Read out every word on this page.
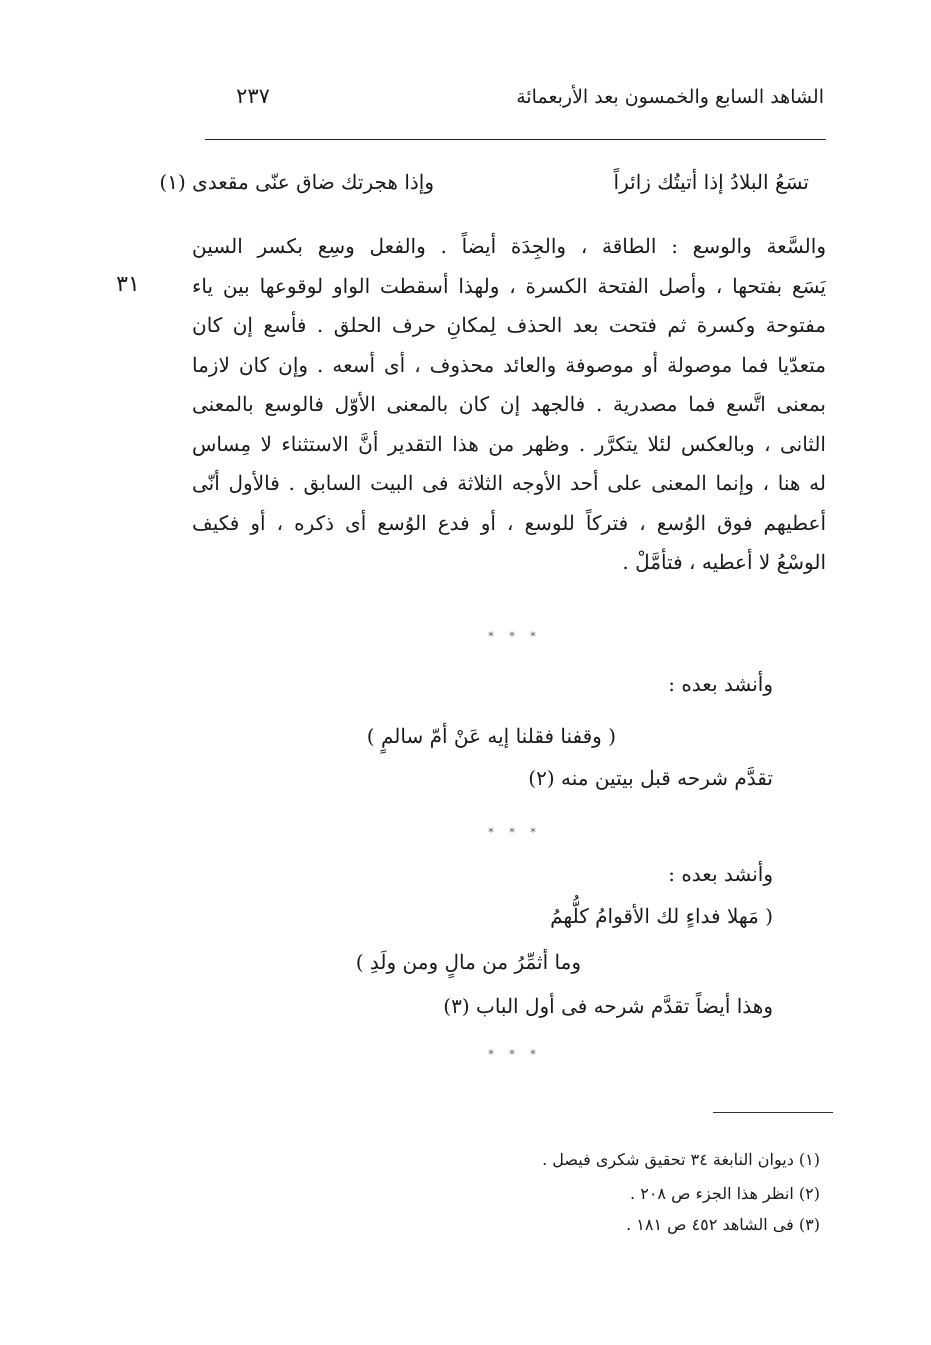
الشاهد السابع والخمسون بعد الأربعمائة
٢٣٧
٣١
تسَعُ البلادُ إذا أتيتُك زائراً
وإذا هجرتك ضاق عنّى مقعدى (١)
والسَّعة والوسع : الطاقة ، والجِدَة أيضاً . والفعل وسِع بكسر السين
يَسَع بفتحها ، وأصل الفتحة الكسرة ، ولهذا أسقطت الواو لوقوعها بين ياء
مفتوحة وكسرة ثم فتحت بعد الحذف لِمكانِ حرف الحلق . فأسع إن كان
متعدّيا فما موصولة أو موصوفة والعائد محذوف ، أى أسعه . وإن كان لازما
بمعنى اتَّسع فما مصدرية . فالجهد إن كان بالمعنى الأوّل فالوسع بالمعنى
الثانى ، وبالعكس لئلا يتكرَّر . وظهر من هذا التقدير أنَّ الاستثناء لا مِساس
له هنا ، وإنما المعنى على أحد الأوجه الثلاثة فى البيت السابق . فالأول أنّى
أعطيهم فوق الوُسع ، فتركاً للوسع ، أو فدع الوُسع أى ذكره ، أو فكيف
الوسْعُ لا أعطيه ، فتأمَّلْ .
* * *
وأنشد بعده :
( وقفنا فقلنا إيه عَنْ أمّ سالمٍ )
تقدَّم شرحه قبل بيتين منه (٢)
* * *
وأنشد بعده :
( مَهلا فداءٍ لك الأقوامُ كلُّهمُ
وما أثمِّرُ من مالٍ ومن ولَدِ )
وهذا أيضاً تقدَّم شرحه فى أول الباب (٣)
* * *
(١) ديوان النابغة ٣٤ تحقيق شكرى فيصل .
(٢) انظر هذا الجزء ص ٢٠٨ .
(٣) فى الشاهد ٤٥٢ ص ١٨١ .
